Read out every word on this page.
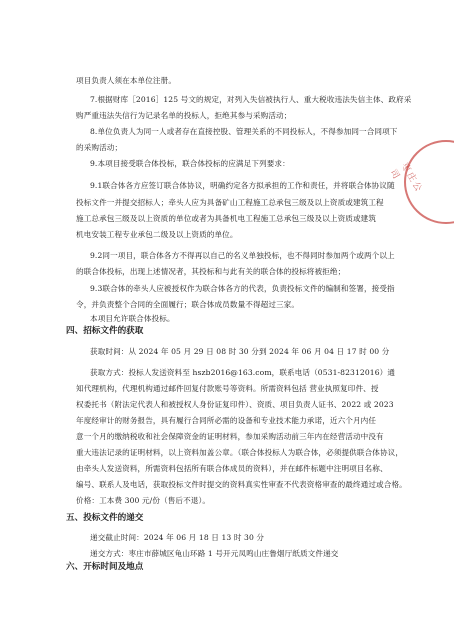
项目负责人须在本单位注册。
7.根据财库［2016］125 号文的规定，对列入失信被执行人、重大税收违法失信主体、政府采
购严重违法失信行为记录名单的投标人，拒绝其参与采购活动；
8.单位负责人为同一人或者存在直接控股、管理关系的不同投标人，不得参加同一合同项下
的采购活动；
9.本项目接受联合体投标，联合体投标的应满足下列要求：
9.1联合体各方应签订联合体协议，明确约定各方拟承担的工作和责任，并将联合体协议随
投标文件一并提交招标人；牵头人应为具备矿山工程施工总承包三级及以上资质或建筑工程
施工总承包三级及以上资质的单位或者为具备机电工程施工总承包三级及以上资质或建筑
机电安装工程专业承包二级及以上资质的单位。
9.2同一项目，联合体各方不得再以自己的名义单独投标，也不得同时参加两个或两个以上
的联合体投标，出现上述情况者，其投标和与此有关的联合体的投标将被拒绝；
9.3联合体的牵头人应被授权作为联合体各方的代表，负责投标文件的编制和签署，接受指
令，并负责整个合同的全面履行；联合体成员数量不得超过三家。
本项目允许联合体投标。
四、招标文件的获取
获取时间：从 2024 年 05 月 29 日 08 时 30 分到 2024 年 06 月 04 日 17 时 00 分
获取方式：投标人发送资料至 hszb2016@163.com，联系电话（0531-82312016）通
知代理机构，代理机构通过邮件回复付款账号等资料。所需资料包括 营业执照复印件、授
权委托书（附法定代表人和被授权人身份证复印件）、资质、项目负责人证书、2022 或 2023
年度经审计的财务报告，具有履行合同所必需的设备和专业技术能力承诺，近六个月内任
意一个月的缴纳税收和社会保障资金的证明材料，参加采购活动前三年内在经营活动中没有
重大违法记录的证明材料，以上资料加盖公章。（联合体投标人为联合体，必须提供联合体协议，
由牵头人发送资料，所需资料包括所有联合体成员的资料），并在邮件标题中注明项目名称、
编号、联系人及电话，获取投标文件时提交的资料真实性审查不代表资格审查的最终通过或合格。
价格：工本费 300 元/份（售后不退）。
五、投标文件的递交
递交截止时间：2024 年 06 月 18 日 13 时 30 分
递交方式：枣庄市薛城区龟山环路 1 号开元凤鸣山庄鲁烟厅纸质文件递交
六、开标时间及地点
枣庄公司
